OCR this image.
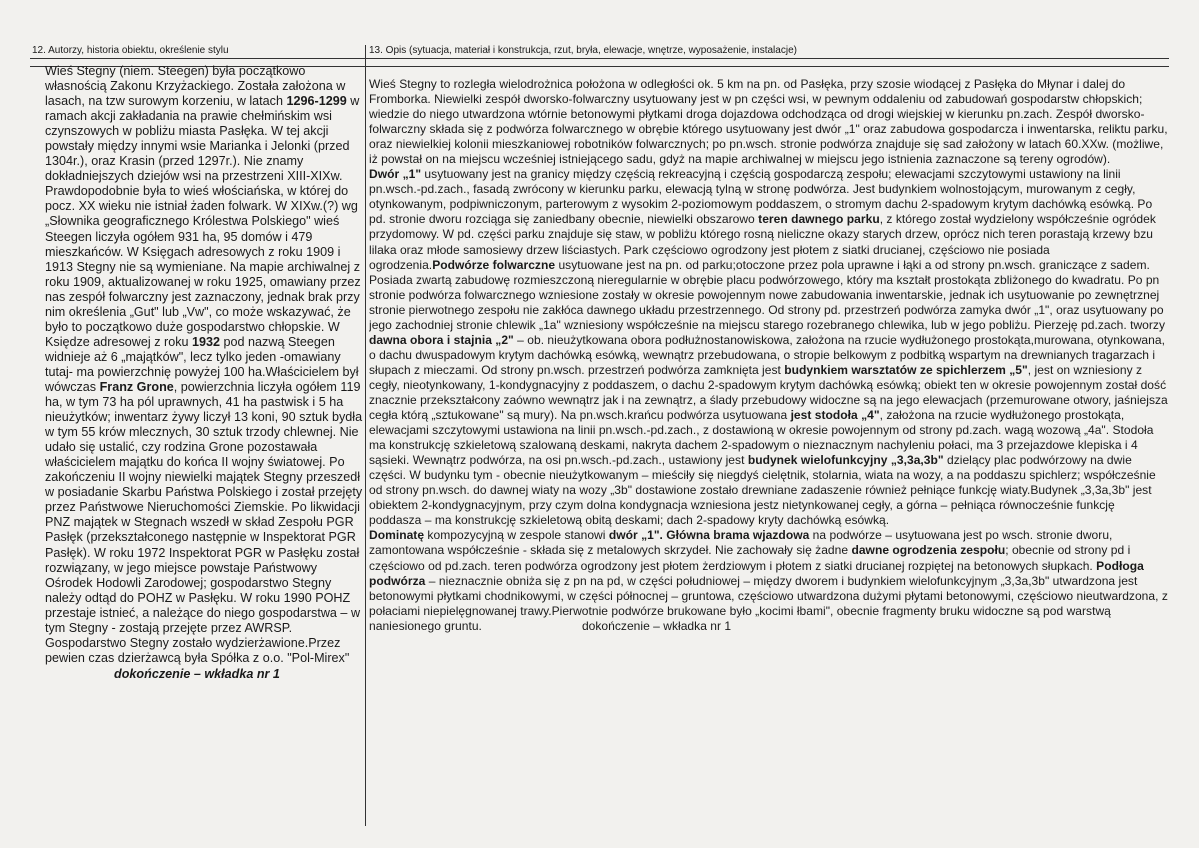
12. Autorzy, historia obiektu, określenie stylu	13. Opis (sytuacja, materiał i konstrukcja, rzut, bryła, elewacje, wnętrze, wyposażenie, instalacje)

Wieś Stegny (niem. Steegen) była początkowo własnością Zakonu Krzyżackiego. Została założona w lasach, na tzw surowym korzeniu, w latach 1296-1299 w ramach akcji zakładania na prawie chełmińskim wsi czynszowych w pobliżu miasta Pasłęka. W tej akcji powstały między innymi wsie Marianka i Jelonki (przed 1304r.), oraz Krasin (przed 1297r.). Nie znamy dokładniejszych dziejów wsi na przestrzeni XIII-XIXw. Prawdopodobnie była to wieś włościańska, w której do pocz. XX wieku nie istniał żaden folwark. W XIXw.(?) wg „Słownika geograficznego Królestwa Polskiego" wieś Steegen liczyła ogółem 931 ha, 95 domów i 479 mieszkańców. W Księgach adresowych z roku 1909 i 1913 Stegny nie są wymieniane. Na mapie archiwalnej z roku 1909, aktualizowanej w roku 1925, omawiany przez nas zespół folwarczny jest zaznaczony, jednak brak przy nim określenia „Gut" lub „Vw", co może wskazywać, że było to początkowo duże gospodarstwo chłopskie. W Księdze adresowej z roku 1932 pod nazwą Steegen widnieje aż 6 „majątków", lecz tylko jeden -omawiany tutaj- ma powierzchnię powyżej 100 ha.Właścicielem był wówczas Franz Grone, powierzchnia liczyła ogółem 119 ha, w tym 73 ha pól uprawnych, 41 ha pastwisk i 5 ha nieużytków; inwentarz żywy liczył 13 koni, 90 sztuk bydła w tym 55 krów mlecznych, 30 sztuk trzody chlewnej. Nie udało się ustalić, czy rodzina Grone pozostawała właścicielem majątku do końca II wojny światowej. Po zakończeniu II wojny niewielki majątek Stegny przeszedł w posiadanie Skarbu Państwa Polskiego i został przejęty przez Państwowe Nieruchomości Ziemskie. Po likwidacji PNZ majątek w Stegnach wszedł w skład Zespołu PGR Pasłęk (przekształconego następnie w Inspektorat PGR Pasłęk). W roku 1972 Inspektorat PGR w Pasłęku został rozwiązany, w jego miejsce powstaje Państwowy Ośrodek Hodowli Zarodowej; gospodarstwo Stegny należy odtąd do POHZ w Pasłęku. W roku 1990 POHZ przestaje istnieć, a należące do niego gospodarstwa – w tym Stegny - zostają przejęte przez AWRSP. Gospodarstwo Stegny zostało wydzierżawione.Przez pewien czas dzierżawcą była Spółka z o.o. "Pol-Mirex"

dokończenie – wkładka nr 1

Wieś Stegny to rozległa wielodrożnica położona w odległości ok. 5 km na pn. od Pasłęka, przy szosie wiodącej z Pasłęka do Młynar i dalej do Fromborka. Niewielki zespół dworsko-folwarczny usytuowany jest w pn części wsi, w pewnym oddaleniu od zabudowań gospodarstw chłopskich; wiedzie do niego utwardzona wtórnie betonowymi płytkami droga dojazdowa odchodząca od drogi wiejskiej w kierunku pn.zach. Zespół dworsko-folwarczny składa się z podwórza folwarcznego w obrębie którego usytuowany jest dwór „1" oraz zabudowa gospodarcza i inwentarska, reliktu parku, oraz niewielkiej kolonii mieszkaniowej robotników folwarcznych; po pn.wsch. stronie podwórza znajduje się sad założony w latach 60.XXw. (możliwe, iż powstał on na miejscu wcześniej istniejącego sadu, gdyż na mapie archiwalnej w miejscu jego istnienia zaznaczone są tereny ogrodów).

Dwór „1" usytuowany jest na granicy między częścią rekreacyjną i częścią gospodarczą zespołu; elewacjami szczytowymi ustawiony na linii pn.wsch.-pd.zach., fasadą zwrócony w kierunku parku, elewacją tylną w stronę podwórza. Jest budynkiem wolnostojącym, murowanym z cegły, otynkowanym, podpiwniczonym, parterowym z wysokim 2-poziomowym poddaszem, o stromym dachu 2-spadowym krytym dachówką esówką. Po pd. stronie dworu rozciąga się zaniedbany obecnie, niewielki obszarowo teren dawnego parku, z którego został wydzielony współcześnie ogródek przydomowy. W pd. części parku znajduje się staw, w pobliżu którego rosną nieliczne okazy starych drzew, oprócz nich teren porastają krzewy bzu lilaka oraz młode samosiewy drzew liściastych. Park częściowo ogrodzony jest płotem z siatki drucianej, częściowo nie posiada ogrodzenia.Podwórze folwarczne usytuowane jest na pn. od parku;otoczone przez pola uprawne i łąki a od strony pn.wsch. graniczące z sadem. Posiada zwartą zabudowę rozmieszczoną nieregularnie w obrębie placu podwórzowego, który ma kształt prostokąta zbliżonego do kwadratu. Po pn stronie podwórza folwarcznego wzniesione zostały w okresie powojennym nowe zabudowania inwentarskie, jednak ich usytuowanie po zewnętrznej stronie pierwotnego zespołu nie zakłóca dawnego układu przestrzennego. Od strony pd. przestrzeń podwórza zamyka dwór „1", oraz usytuowany po jego zachodniej stronie chlewik „1a" wzniesiony współcześnie na miejscu starego rozebranego chlewika, lub w jego pobliżu. Pierzeję pd.zach. tworzy dawna obora i stajnia „2" – ob. nieużytkowana obora podłużnostanowiskowa, założona na rzucie wydłużonego prostokąta,murowana, otynkowana, o dachu dwuspadowym krytym dachówką esówką, wewnątrz przebudowana, o stropie belkowym z podbitką wspartym na drewnianych tragarzach i słupach z mieczami. Od strony pn.wsch. przestrzeń podwórza zamknięta jest budynkiem warsztatów ze spichlerzem „5", jest on wzniesiony z cegły, nieotynkowany, 1-kondygnacyjny z poddaszem, o dachu 2-spadowym krytym dachówką esówką; obiekt ten w okresie powojennym został dość znacznie przekształcony zaówno wewnątrz jak i na zewnątrz, a ślady przebudowy widoczne są na jego elewacjach (przemurowane otwory, jaśniejsza cegła którą „sztukowane" są mury). Na pn.wsch.krańcu podwórza usytuowana jest stodoła „4", założona na rzucie wydłużonego prostokąta, elewacjami szczytowymi ustawiona na linii pn.wsch.-pd.zach., z dostawioną w okresie powojennym od strony pd.zach. wagą wozową „4a". Stodoła ma konstrukcję szkieletową szalowaną deskami, nakryta dachem 2-spadowym o nieznacznym nachyleniu połaci, ma 3 przejazdowe klepiska i 4 sąsieki. Wewnątrz podwórza, na osi pn.wsch.-pd.zach., ustawiony jest budynek wielofunkcyjny „3,3a,3b" dzielący plac podwórzowy na dwie części. W budynku tym - obecnie nieużytkowanym – mieściły się niegdyś cielętnik, stolarnia, wiata na wozy, a na poddaszu spichlerz; współcześnie od strony pn.wsch. do dawnej wiaty na wozy „3b" dostawione zostało drewniane zadaszenie również pełniące funkcję wiaty.Budynek „3,3a,3b" jest obiektem 2-kondygnacyjnym, przy czym dolna kondygnacja wzniesiona jestz nietynkowanej cegły, a górna – pełniąca równocześnie funkcję poddasza – ma konstrukcję szkieletową obitą deskami; dach 2-spadowy kryty dachówką esówką.

Dominatę kompozycyjną w zespole stanowi dwór „1". Główna brama wjazdowa na podwórze – usytuowana jest po wsch. stronie dworu, zamontowana współcześnie - składa się z metalowych skrzydeł. Nie zachowały się żadne dawne ogrodzenia zespołu; obecnie od strony pd i częściowo od pd.zach. teren podwórza ogrodzony jest płotem żerdziowym i płotem z siatki drucianej rozpiętej na betonowych słupkach. Podłoga podwórza – nieznacznie obniża się z pn na pd, w części południowej – między dworem i budynkiem wielofunkcyjnym „3,3a,3b" utwardzona jest betonowymi płytkami chodnikowymi, w części północnej – gruntowa, częściowo utwardzona dużymi płytami betonowymi, częściowo nieutwardzona, z połaciami niepielęgnowanej trawy.Pierwotnie podwórze brukowane było „kocimi łbami", obecnie fragmenty bruku widoczne są pod warstwą naniesionego gruntu.	dokończenie – wkładka nr 1
